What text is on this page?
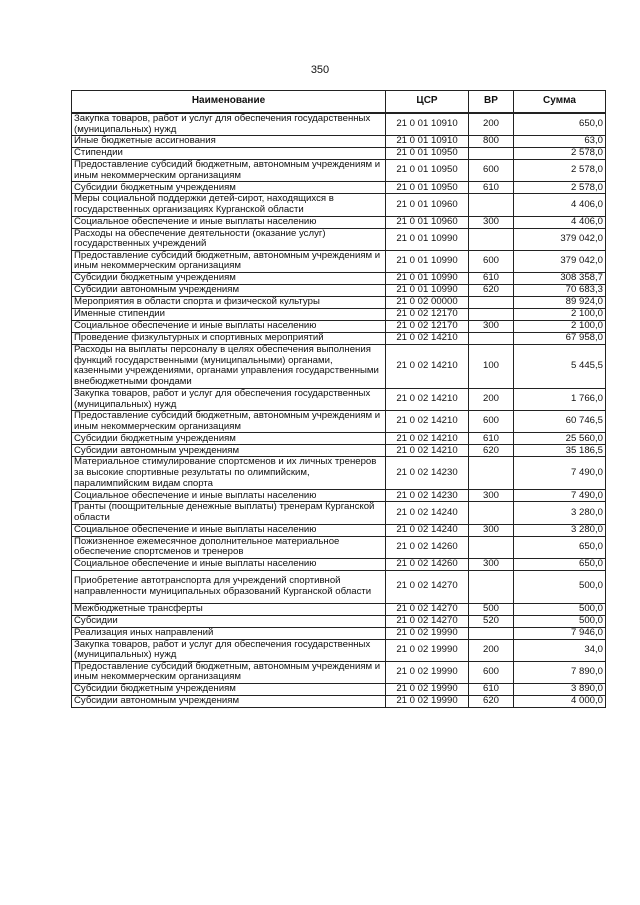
350
Наименование	ЦСР	ВР	Сумма
Закупка товаров, работ и услуг для обеспечения государственных (муниципальных) нужд	21 0 01 10910	200	650,0
Иные бюджетные ассигнования	21 0 01 10910	800	63,0
Стипендии	21 0 01 10950		2 578,0
Предоставление субсидий бюджетным, автономным учреждениям и иным некоммерческим организациям	21 0 01 10950	600	2 578,0
Субсидии бюджетным учреждениям	21 0 01 10950	610	2 578,0
Меры социальной поддержки детей-сирот, находящихся в государственных организациях Курганской области	21 0 01 10960		4 406,0
Социальное обеспечение и иные выплаты населению	21 0 01 10960	300	4 406,0
Расходы на обеспечение деятельности (оказание услуг) государственных учреждений	21 0 01 10990		379 042,0
Предоставление субсидий бюджетным, автономным учреждениям и иным некоммерческим организациям	21 0 01 10990	600	379 042,0
Субсидии бюджетным учреждениям	21 0 01 10990	610	308 358,7
Субсидии автономным учреждениям	21 0 01 10990	620	70 683,3
Мероприятия в области спорта и физической культуры	21 0 02 00000		89 924,0
Именные стипендии	21 0 02 12170		2 100,0
Социальное обеспечение и иные выплаты населению	21 0 02 12170	300	2 100,0
Проведение физкультурных и спортивных мероприятий	21 0 02 14210		67 958,0
Расходы на выплаты персоналу в целях обеспечения выполнения функций государственными (муниципальными) органами, казенными учреждениями, органами управления государственными внебюджетными фондами	21 0 02 14210	100	5 445,5
Закупка товаров, работ и услуг для обеспечения государственных (муниципальных) нужд	21 0 02 14210	200	1 766,0
Предоставление субсидий бюджетным, автономным учреждениям и иным некоммерческим организациям	21 0 02 14210	600	60 746,5
Субсидии бюджетным учреждениям	21 0 02 14210	610	25 560,0
Субсидии автономным учреждениям	21 0 02 14210	620	35 186,5
Материальное стимулирование спортсменов и их личных тренеров за высокие спортивные результаты по олимпийским, паралимпийским видам спорта	21 0 02 14230		7 490,0
Социальное обеспечение и иные выплаты населению	21 0 02 14230	300	7 490,0
Гранты (поощрительные денежные выплаты) тренерам Курганской области	21 0 02 14240		3 280,0
Социальное обеспечение и иные выплаты населению	21 0 02 14240	300	3 280,0
Пожизненное ежемесячное дополнительное материальное обеспечение спортсменов и тренеров	21 0 02 14260		650,0
Социальное обеспечение и иные выплаты населению	21 0 02 14260	300	650,0
Приобретение автотранспорта для учреждений спортивной направленности муниципальных образований Курганской области	21 0 02 14270		500,0
Межбюджетные трансферты	21 0 02 14270	500	500,0
Субсидии	21 0 02 14270	520	500,0
Реализация иных направлений	21 0 02 19990		7 946,0
Закупка товаров, работ и услуг для обеспечения государственных (муниципальных) нужд	21 0 02 19990	200	34,0
Предоставление субсидий бюджетным, автономным учреждениям и иным некоммерческим организациям	21 0 02 19990	600	7 890,0
Субсидии бюджетным учреждениям	21 0 02 19990	610	3 890,0
Субсидии автономным учреждениям	21 0 02 19990	620	4 000,0
